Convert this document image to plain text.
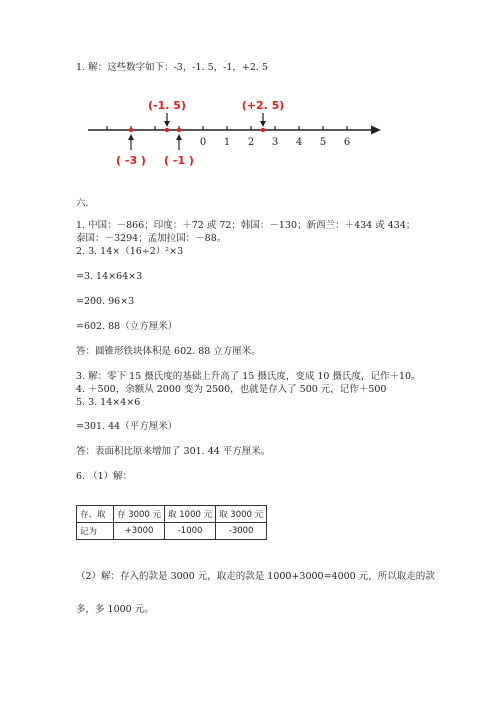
1. 解：这些数字如下：-3，-1. 5，-1，+2. 5
0 1 2 3 4 5 6
(-1. 5)	(+2. 5)
( -3 ) ( -1 )
六.
1. 中国：－866；印度：＋72 或 72；韩国：－130；新西兰：＋434 或 434；泰国：－3294；孟加拉国：－88。
2. 3. 14×（16÷2）²×3
=3. 14×64×3
=200. 96×3
=602. 88（立方厘米）
答：圆锥形铁块体积是 602. 88 立方厘米。
3. 解：零下 15 摄氏度的基础上升高了 15 摄氏度，变成 10 摄氏度，记作＋10。
4. ＋500，余额从 2000 变为 2500，也就是存入了 500 元，记作＋500
5. 3. 14×4×6
=301. 44（平方厘米）
答：表面积比原来增加了 301. 44 平方厘米。
6. （1）解：
存、取	存 3000 元	取 1000 元	取 3000 元
记为	+3000	-1000	-3000
（2）解：存入的款是 3000 元，取走的款是 1000+3000=4000 元，所以取走的款
多，多 1000 元。
